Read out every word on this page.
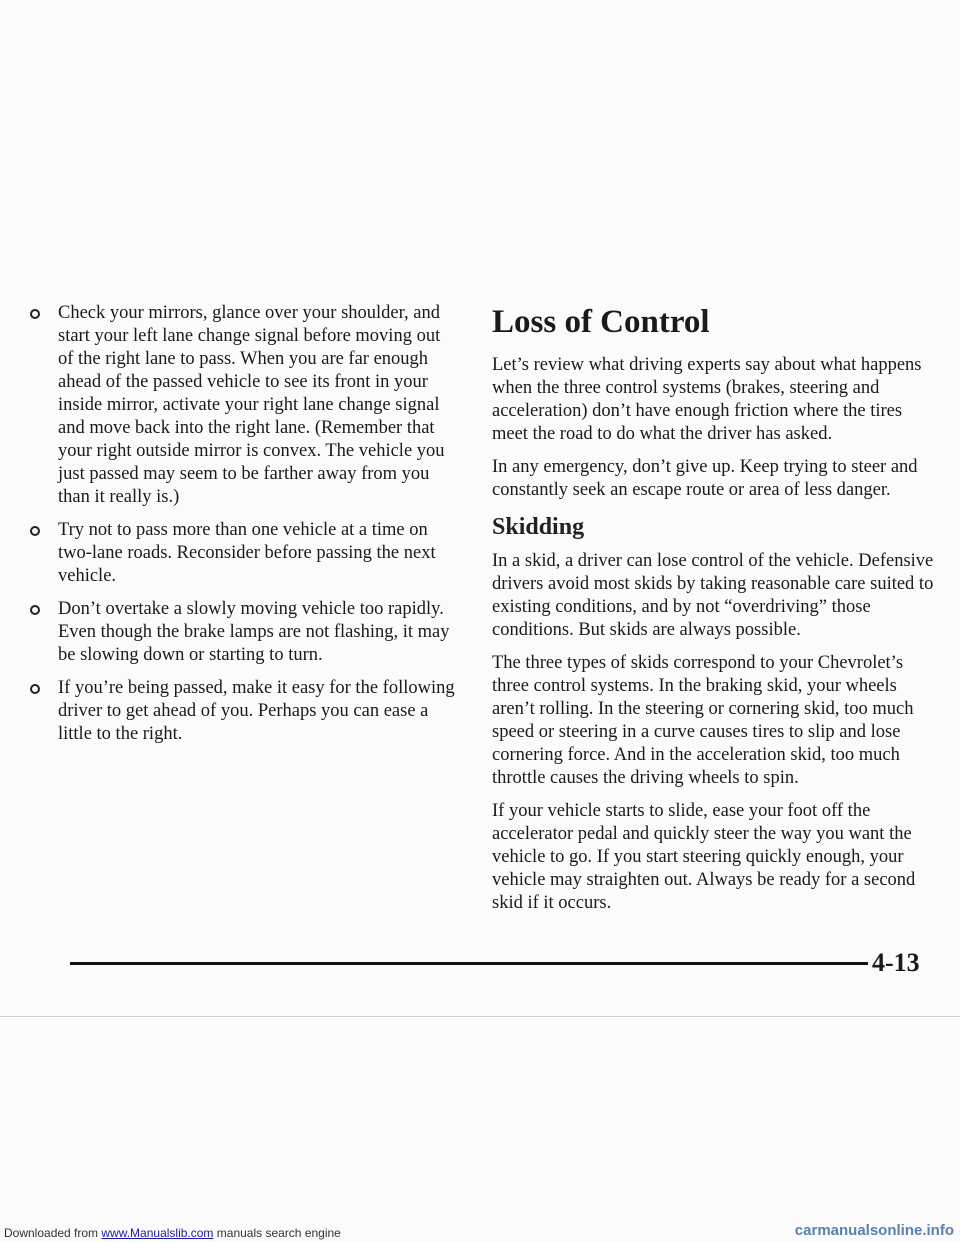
Check your mirrors, glance over your shoulder, and start your left lane change signal before moving out of the right lane to pass. When you are far enough ahead of the passed vehicle to see its front in your inside mirror, activate your right lane change signal and move back into the right lane. (Remember that your right outside mirror is convex. The vehicle you just passed may seem to be farther away from you than it really is.)
Try not to pass more than one vehicle at a time on two-lane roads. Reconsider before passing the next vehicle.
Don’t overtake a slowly moving vehicle too rapidly. Even though the brake lamps are not flashing, it may be slowing down or starting to turn.
If you’re being passed, make it easy for the following driver to get ahead of you. Perhaps you can ease a little to the right.
Loss of Control

Let’s review what driving experts say about what happens when the three control systems (brakes, steering and acceleration) don’t have enough friction where the tires meet the road to do what the driver has asked.

In any emergency, don’t give up. Keep trying to steer and constantly seek an escape route or area of less danger.

Skidding

In a skid, a driver can lose control of the vehicle. Defensive drivers avoid most skids by taking reasonable care suited to existing conditions, and by not “overdriving” those conditions. But skids are always possible.

The three types of skids correspond to your Chevrolet’s three control systems. In the braking skid, your wheels aren’t rolling. In the steering or cornering skid, too much speed or steering in a curve causes tires to slip and lose cornering force. And in the acceleration skid, too much throttle causes the driving wheels to spin.

If your vehicle starts to slide, ease your foot off the accelerator pedal and quickly steer the way you want the vehicle to go. If you start steering quickly enough, your vehicle may straighten out. Always be ready for a second skid if it occurs.

4-13
Downloaded from www.Manualslib.com manuals search engine	carmanualsonline.info
